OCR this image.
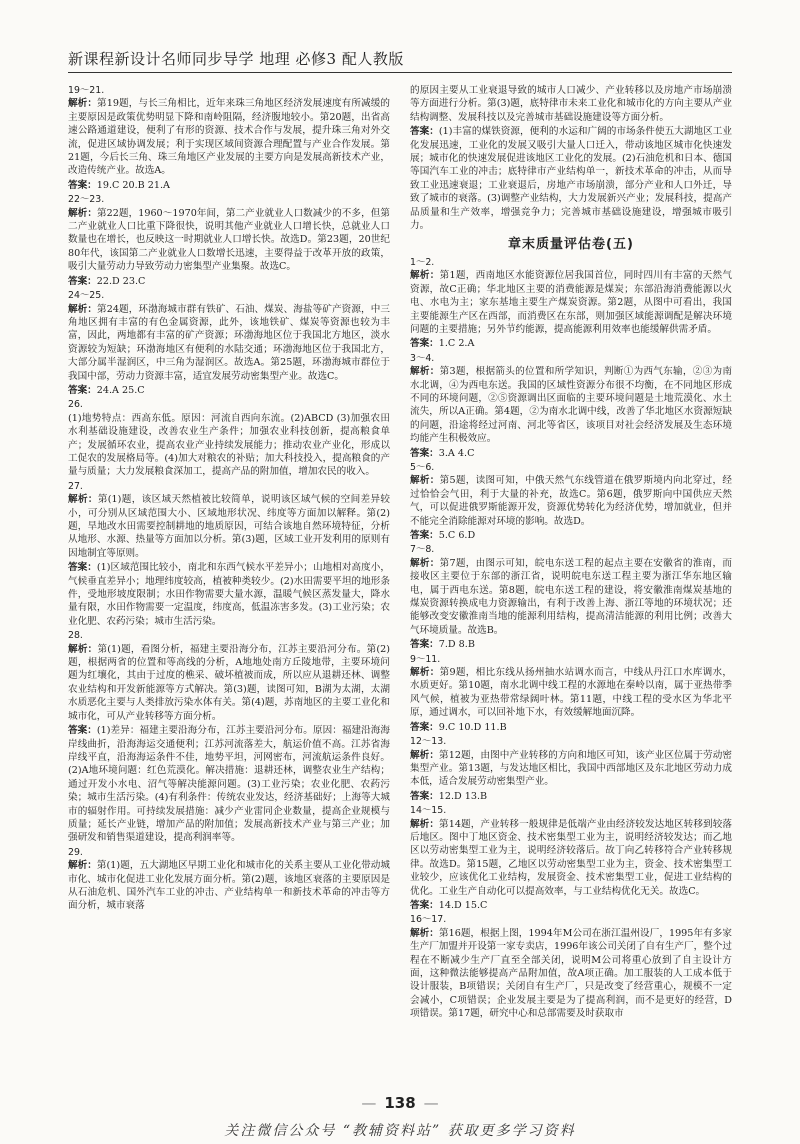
新课程新设计名师同步导学 地理 必修3 配人教版

19～21.

解析：第19题，与长三角相比，近年来珠三角地区经济发展速度有所减缓的主要原因是政策优势明显下降和南岭阻隔，经济腹地较小。第20题，出省高速公路通道建设，便利了有形的资源、技术合作与发展，提升珠三角对外交流，促进区域协调发展；利于实现区域间资源合理配置与产业合作发展。第21题，今后长三角、珠三角地区产业发展的主要方向是发展高新技术产业，改造传统产业。故选A。

答案：19.C 20.B 21.A

22～23.

解析：第22题，1960～1970年间，第二产业就业人口数减少的不多，但第二产业就业人口比重下降很快，说明其他产业就业人口增长快，总就业人口数量也在增长，也反映这一时期就业人口增长快。故选D。第23题，20世纪80年代，该国第二产业就业人口数增长迅速，主要得益于改革开放的政策，吸引大量劳动力导致劳动力密集型产业集聚。故选C。

答案：22.D 23.C

24～25.

解析：第24题，环渤海城市群有铁矿、石油、煤炭、海盐等矿产资源，中三角地区拥有丰富的有色金属资源，此外，该地铁矿、煤炭等资源也较为丰富，因此，两地都有丰富的矿产资源；环渤海地区位于我国北方地区，淡水资源较为短缺；环渤海地区有便利的水陆交通；环渤海地区位于我国北方，大部分属半湿润区，中三角为湿润区。故选A。第25题，环渤海城市群位于我国中部，劳动力资源丰富，适宜发展劳动密集型产业。故选C。

答案：24.A 25.C

26.

(1)地势特点：西高东低。原因：河流自西向东流。(2)ABCD (3)加强农田水利基础设施建设，改善农业生产条件；加强农业科技创新，提高粮食单产；发展循环农业，提高农业产业持续发展能力；推动农业产业化，形成以工促农的发展格局等。(4)加大对粮农的补贴；加大科技投入，提高粮食的产量与质量；大力发展粮食深加工，提高产品的附加值，增加农民的收入。

27.

解析：第(1)题，该区域天然植被比较简单，说明该区域气候的空间差异较小，可分别从区域范围大小、区域地形状况、纬度等方面加以解释。第(2)题，旱地改水田需要控制耕地的地质原因，可结合该地自然环境特征，分析从地形、水源、热量等方面加以分析。第(3)题，区域工业开发利用的原则有因地制宜等原则。

答案：(1)区域范围比较小，南北和东西气候水平差异小；山地相对高度小，气候垂直差异小；地理纬度较高，植被种类较少。(2)水田需要平坦的地形条件，受地形坡度限制；水田作物需要大量水源，温暖气候区蒸发量大，降水量有限，水田作物需要一定温度，纬度高，低温冻害多发。(3)工业污染；农业化肥、农药污染；城市生活污染。

28.

解析：第(1)题，看图分析，福建主要沿海分布，江苏主要沿河分布。第(2)题，根据两省的位置和等高线的分析，A地地处南方丘陵地带，主要环境问题为红壤化，其由于过度的樵采、破坏植被而成，所以应从退耕还林、调整农业结构和开发新能源等方式解决。第(3)题，读图可知，B湖为太湖，太湖水质恶化主要与人类排放污染水体有关。第(4)题，苏南地区的主要工业化和城市化，可从产业转移等方面分析。

答案：(1)差异：福建主要沿海分布，江苏主要沿河分布。原因：福建沿海海岸线曲折，沿海海运交通便利；江苏河流落差大，航运价值不高。江苏省海岸线平直，沿海海运条件不佳，地势平坦，河网密布，河流航运条件良好。(2)A地环境问题：红色荒漠化。解决措施：退耕还林，调整农业生产结构；通过开发小水电、沼气等解决能源问题。(3)工业污染；农业化肥、农药污染；城市生活污染。(4)有利条件：传统农业发达，经济基础好；上海等大城市的辐射作用。可持续发展措施：减少产业雷同企业数量，提高企业规模与质量；延长产业链，增加产品的附加值；发展高新技术产业与第三产业；加强研发和销售渠道建设，提高利润率等。

29.

解析：第(1)题，五大湖地区早期工业化和城市化的关系主要从工业化带动城市化、城市化促进工业化发展方面分析。第(2)题，该地区衰落的主要原因是从石油危机、国外汽车工业的冲击、产业结构单一和新技术革命的冲击等方面分析，城市衰落

的原因主要从工业衰退导致的城市人口减少、产业转移以及房地产市场崩溃等方面进行分析。第(3)题，底特律市未来工业化和城市化的方向主要从产业结构调整、发展科技以及完善城市基础设施建设等方面分析。

答案：(1)丰富的煤铁资源，便利的水运和广阔的市场条件使五大湖地区工业化发展迅速，工业化的发展又吸引大量人口迁入，带动该地区城市化快速发展；城市化的快速发展促进该地区工业化的发展。(2)石油危机和日本、德国等国汽车工业的冲击；底特律市产业结构单一，新技术革命的冲击，从而导致工业迅速衰退；工业衰退后，房地产市场崩溃，部分产业和人口外迁，导致了城市的衰落。(3)调整产业结构，大力发展新兴产业；发展科技，提高产品质量和生产效率，增强竞争力；完善城市基础设施建设，增强城市吸引力。

章末质量评估卷(五)

1～2.

解析：第1题，西南地区水能资源位居我国首位，同时四川有丰富的天然气资源，故C正确；华北地区主要的消费能源是煤炭；东部沿海消费能源以火电、水电为主；家东基地主要生产煤炭资源。第2题，从图中可看出，我国主要能源生产区在西部，而消费区在东部，则加强区域能源调配是解决环境问题的主要措施；另外节约能源，提高能源利用效率也能缓解供需矛盾。

答案：1.C 2.A

3～4.

解析：第3题，根据箭头的位置和所学知识，判断①为西气东输，②③为南水北调，④为西电东送。我国的区域性资源分布很不均衡，在不同地区形成不同的环境问题，②⑤资源调出区面临的主要环境问题是土地荒漠化、水土流失，所以A正确。第4题，②为南水北调中线，改善了华北地区水资源短缺的问题，沿途将经过河南、河北等省区，该项目对社会经济发展及生态环境均能产生积极效应。

答案：3.A 4.C

5～6.

解析：第5题，读图可知，中俄天然气东线管道在俄罗斯境内向北穿过，经过恰恰会气田，利于大量的补充，故选C。第6题，俄罗斯向中国供应天然气，可以促进俄罗斯能源开发，资源优势转化为经济优势，增加就业，但并不能完全消除能源对环境的影响。故选D。

答案：5.C 6.D

7～8.

解析：第7题，由图示可知，皖电东送工程的起点主要在安徽省的淮南，而接收区主要位于东部的浙江省，说明皖电东送工程主要为浙江华东地区输电，属于西电东送。第8题，皖电东送工程的建设，将安徽淮南煤炭基地的煤炭资源转换成电力资源输出，有利于改善上海、浙江等地的环境状况；还能够改变安徽淮南当地的能源利用结构，提高清洁能源的利用比例；改善大气环境质量。故选B。

答案：7.D 8.B

9～11.

解析：第9题，相比东线从扬州抽水站调水而言，中线从丹江口水库调水，水质更好。第10题，南水北调中线工程的水源地在秦岭以南，属于亚热带季风气候，植被为亚热带常绿阔叶林。第11题，中线工程的受水区为华北平原，通过调水，可以回补地下水，有效缓解地面沉降。

答案：9.C 10.D 11.B

12～13.

解析：第12题，由图中产业转移的方向和地区可知，该产业区位属于劳动密集型产业。第13题，与发达地区相比，我国中西部地区及东北地区劳动力成本低，适合发展劳动密集型产业。

答案：12.D 13.B

14～15.

解析：第14题，产业转移一般规律是低端产业由经济较发达地区转移到较落后地区。图中丁地区资金、技术密集型工业为主，说明经济较发达；而乙地区以劳动密集型工业为主，说明经济较落后。故丁向乙转移符合产业转移规律。故选D。第15题，乙地区以劳动密集型工业为主，资金、技术密集型工业较少，应该优化工业结构，发展资金、技术密集型工业，促进工业结构的优化。工业生产自动化可以提高效率，与工业结构优化无关。故选C。

答案：14.D 15.C

16～17.

解析：第16题，根据上图，1994年M公司在浙江温州设厂，1995年有多家生产厂加盟并开设第一家专卖店，1996年该公司关闭了自有生产厂，整个过程在不断减少生产厂直至全部关闭，说明M公司将重心放到了自主设计方面，这种微法能够提高产品附加值，故A项正确。加工服装的人工成本低于设计服装，B项错误；关闭自有生产厂，只是改变了经营重心，规模不一定会减小，C项错误；企业发展主要是为了提高利润，而不是更好的经营，D项错误。第17题，研究中心和总部需要及时获取市

— 138 —
关注微信公众号 “教辅资料站” 获取更多学习资料
